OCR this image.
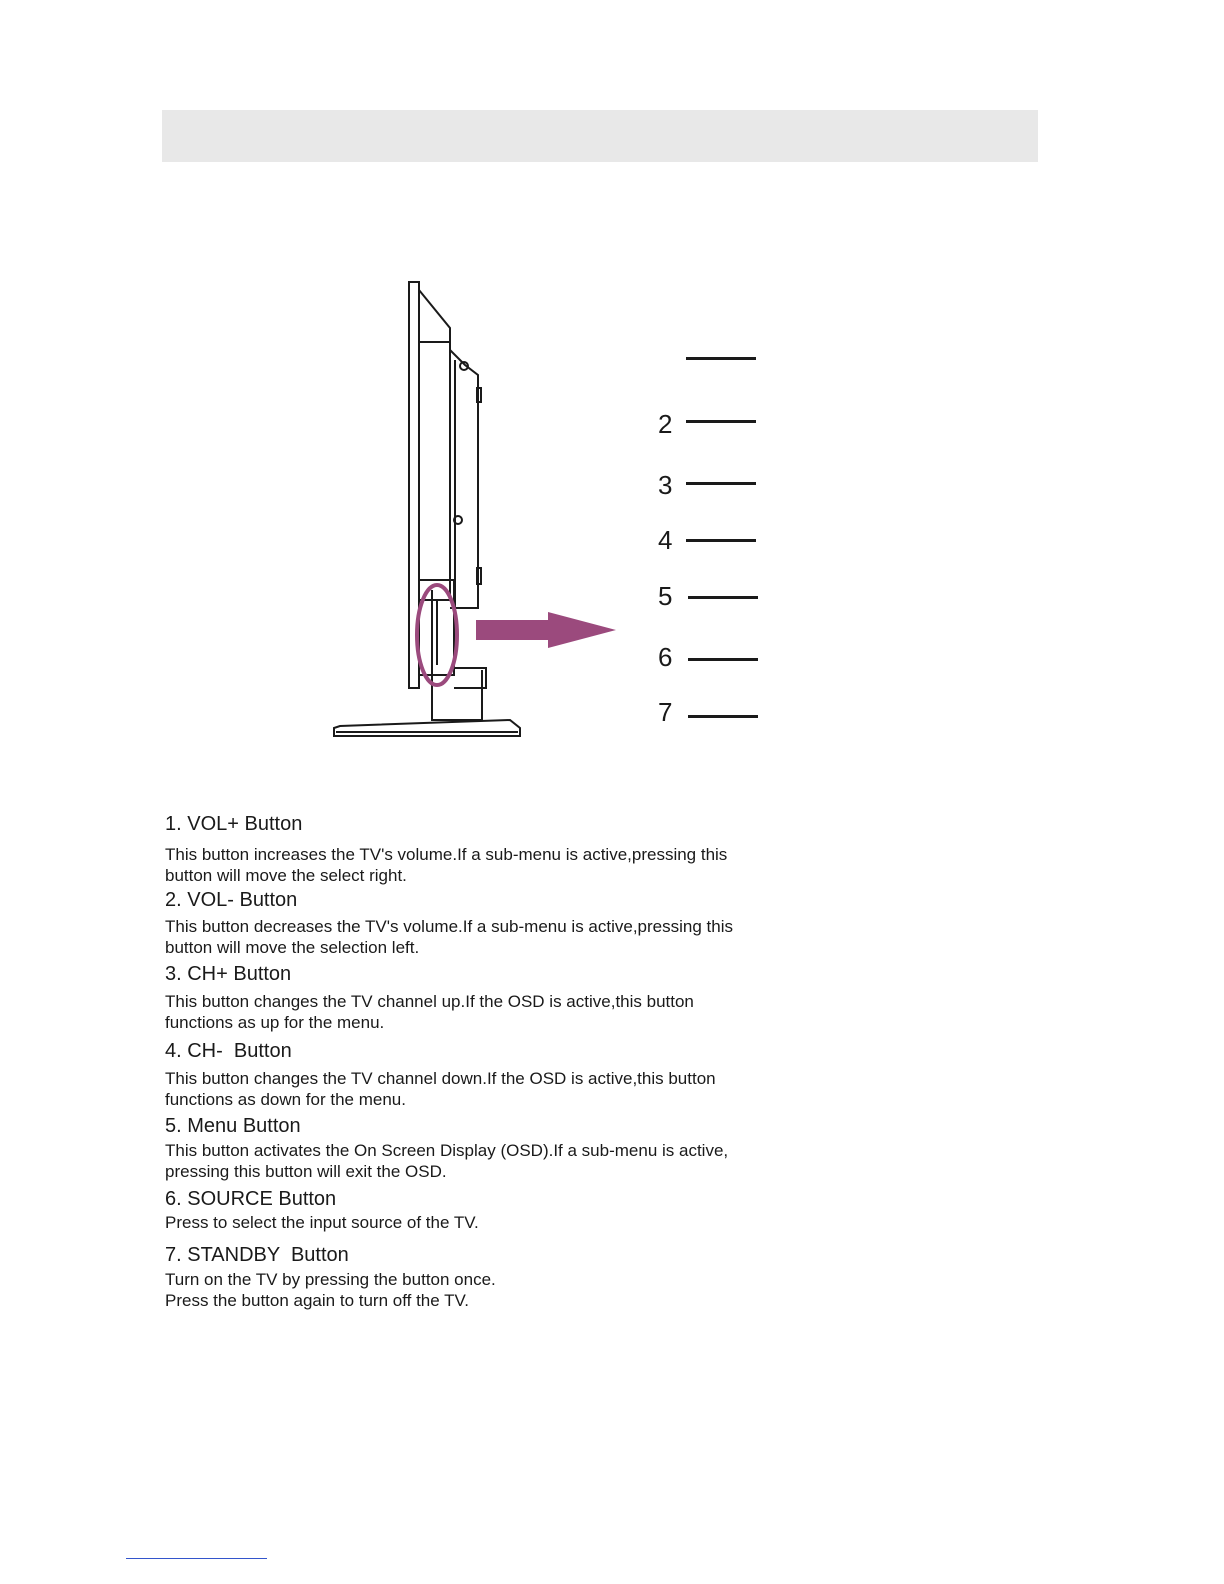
2
3
4
5
6
7
1. VOL+ Button
This button increases the TV's volume.If a sub-menu is active,pressing this
button will move the select right.
2. VOL- Button
This button decreases the TV's volume.If a sub-menu is active,pressing this
button will move the selection left.
3. CH+ Button
This button changes the TV channel up.If the OSD is active,this button
functions as up for the menu.
4. CH-  Button
This button changes the TV channel down.If the OSD is active,this button
functions as down for the menu.
5. Menu Button
This button activates the On Screen Display (OSD).If a sub-menu is active,
pressing this button will exit the OSD.
6. SOURCE Button
Press to select the input source of the TV.
7. STANDBY  Button
Turn on the TV by pressing the button once.
Press the button again to turn off the TV.
